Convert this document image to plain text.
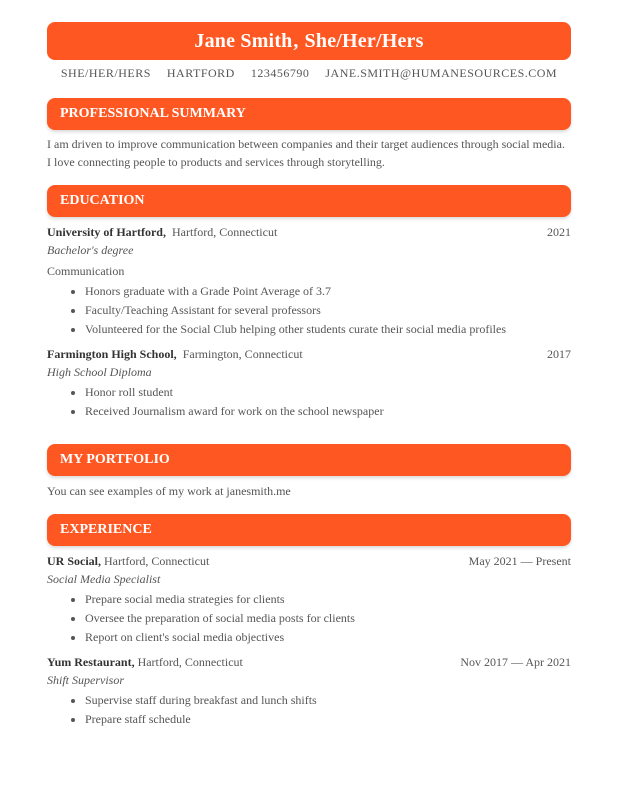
Jane Smith‚ She/Her/Hers
SHE/HER/HERS HARTFORD 123456790 JANE.SMITH@HUMANESOURCES.COM
PROFESSIONAL SUMMARY
I am driven to improve communication between companies and their target audiences through social media. I love connecting people to products and services through storytelling.
EDUCATION
University of Hartford, Hartford, Connecticut	2021
Bachelor's degree
Communication
• Honors graduate with a Grade Point Average of 3.7
• Faculty/Teaching Assistant for several professors
• Volunteered for the Social Club helping other students curate their social media profiles
Farmington High School, Farmington, Connecticut	2017
High School Diploma
• Honor roll student
• Received Journalism award for work on the school newspaper
MY PORTFOLIO
You can see examples of my work at janesmith.me
EXPERIENCE
UR Social, Hartford, Connecticut	May 2021 — Present
Social Media Specialist
• Prepare social media strategies for clients
• Oversee the preparation of social media posts for clients
• Report on client's social media objectives
Yum Restaurant, Hartford, Connecticut	Nov 2017 — Apr 2021
Shift Supervisor
• Supervise staff during breakfast and lunch shifts
• Prepare staff schedule
